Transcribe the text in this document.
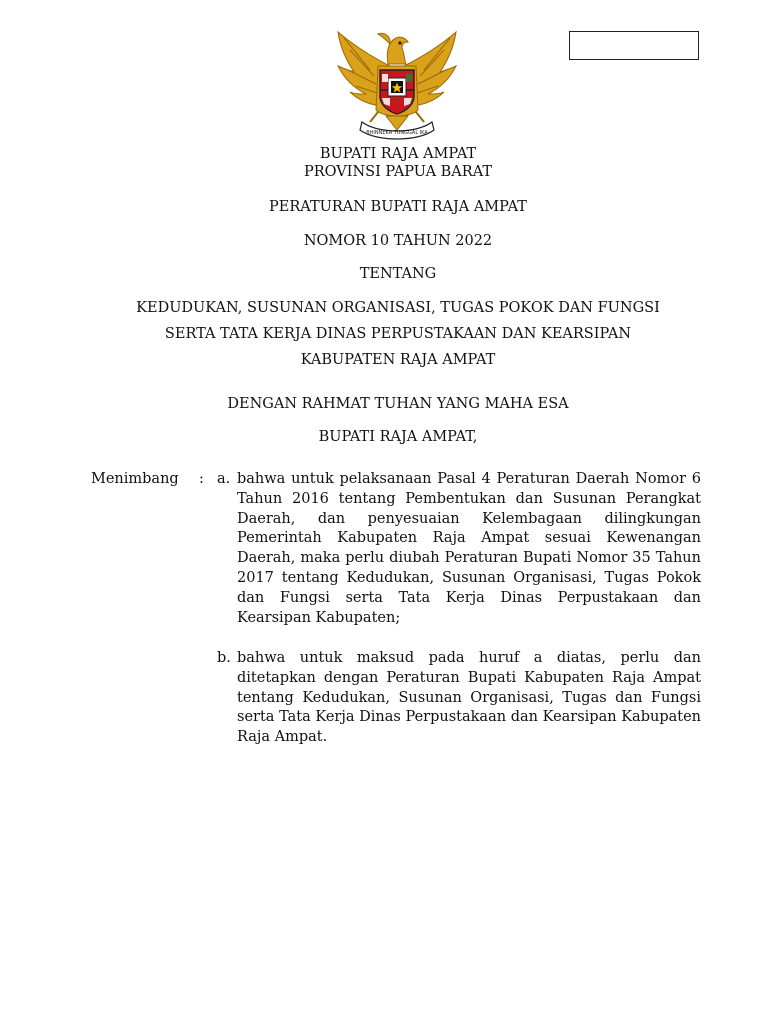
BHINNEKA TUNGGAL IKA
BUPATI RAJA AMPAT
PROVINSI PAPUA BARAT
PERATURAN BUPATI RAJA AMPAT
NOMOR 10 TAHUN 2022
TENTANG
KEDUDUKAN, SUSUNAN ORGANISASI, TUGAS POKOK DAN FUNGSI
SERTA TATA KERJA DINAS PERPUSTAKAAN DAN KEARSIPAN
KABUPATEN RAJA AMPAT
DENGAN RAHMAT TUHAN YANG MAHA ESA
BUPATI RAJA AMPAT,
Menimbang : a. bahwa untuk pelaksanaan Pasal 4 Peraturan Daerah Nomor 6 Tahun 2016 tentang Pembentukan dan Susunan Perangkat Daerah, dan penyesuaian Kelembagaan dilingkungan Pemerintah Kabupaten Raja Ampat sesuai Kewenangan Daerah, maka perlu diubah Peraturan Bupati Nomor 35 Tahun 2017 tentang Kedudukan, Susunan Organisasi, Tugas Pokok dan Fungsi serta Tata Kerja Dinas Perpustakaan dan Kearsipan Kabupaten;
b. bahwa untuk maksud pada huruf a diatas, perlu dan ditetapkan dengan Peraturan Bupati Kabupaten Raja Ampat tentang Kedudukan, Susunan Organisasi, Tugas dan Fungsi serta Tata Kerja Dinas Perpustakaan dan Kearsipan Kabupaten Raja Ampat.
